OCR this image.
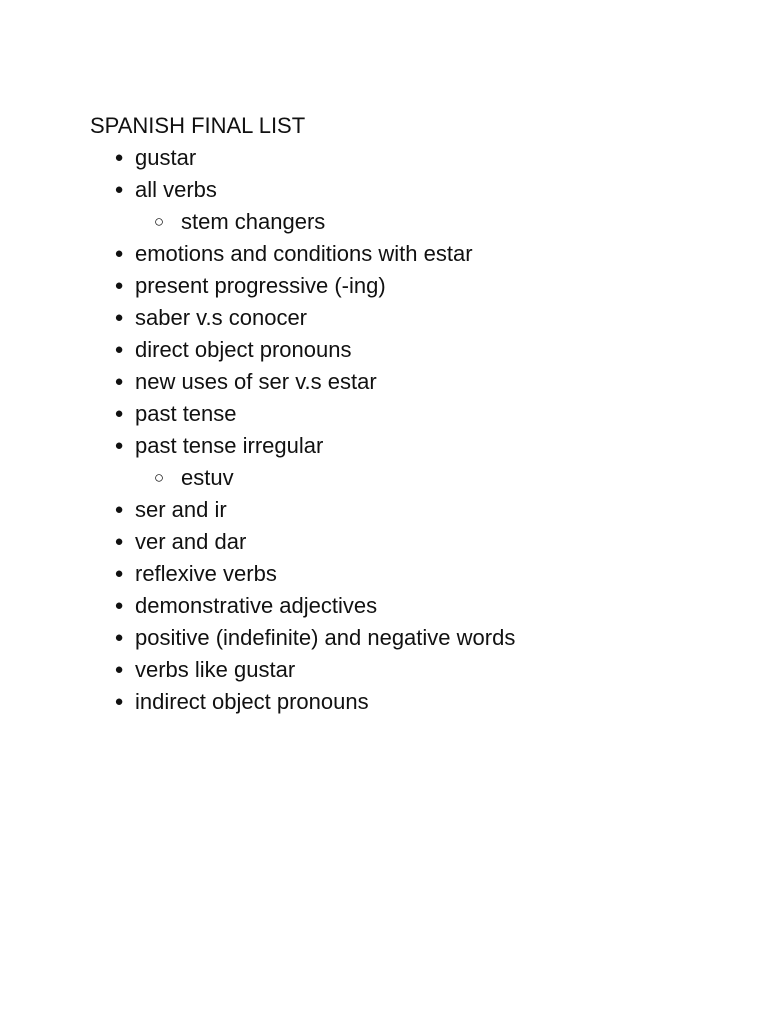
SPANISH FINAL LIST
● gustar
● all verbs
○ stem changers
● emotions and conditions with estar
● present progressive (-ing)
● saber v.s conocer
● direct object pronouns
● new uses of ser v.s estar
● past tense
● past tense irregular
○ estuv
● ser and ir
● ver and dar
● reflexive verbs
● demonstrative adjectives
● positive (indefinite) and negative words
● verbs like gustar
● indirect object pronouns
